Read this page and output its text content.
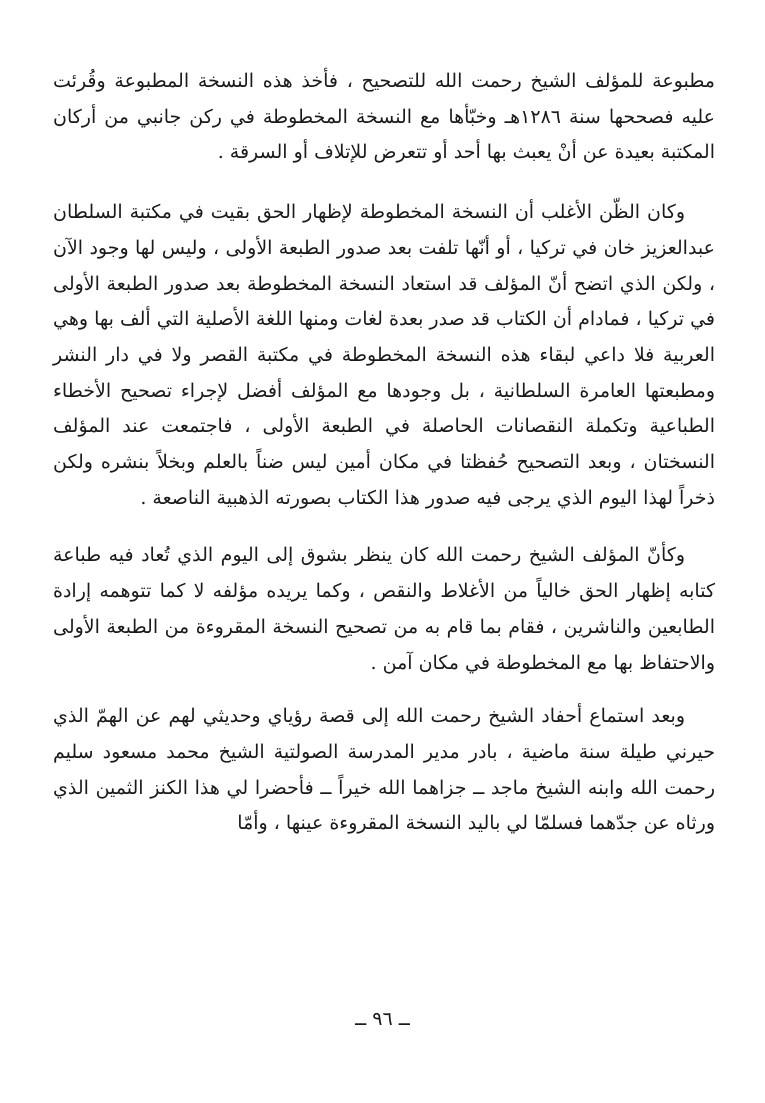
مطبوعة للمؤلف الشيخ رحمت الله للتصحيح ، فأخذ هذه النسخة المطبوعة وقُرئت عليه فصححها سنة ١٢٨٦هـ وخبّأها مع النسخة المخطوطة في ركن جانبي من أركان المكتبة بعيدة عن أنْ يعبث بها أحد أو تتعرض للإتلاف أو السرقة .

وكان الظّن الأغلب أن النسخة المخطوطة لإظهار الحق بقيت في مكتبة السلطان عبدالعزيز خان في تركيا ، أو أنّها تلفت بعد صدور الطبعة الأولى ، وليس لها وجود الآن ، ولكن الذي اتضح أنّ المؤلف قد استعاد النسخة المخطوطة بعد صدور الطبعة الأولى في تركيا ، فمادام أن الكتاب قد صدر بعدة لغات ومنها اللغة الأصلية التي ألف بها وهي العربية فلا داعي لبقاء هذه النسخة المخطوطة في مكتبة القصر ولا في دار النشر ومطبعتها العامرة السلطانية ، بل وجودها مع المؤلف أفضل لإجراء تصحيح الأخطاء الطباعية وتكملة النقصانات الحاصلة في الطبعة الأولى ، فاجتمعت عند المؤلف النسختان ، وبعد التصحيح حُفظتا في مكان أمين ليس ضناً بالعلم وبخلاً بنشره ولكن ذخراً لهذا اليوم الذي يرجى فيه صدور هذا الكتاب بصورته الذهبية الناصعة .

وكأنّ المؤلف الشيخ رحمت الله كان ينظر بشوق إلى اليوم الذي تُعاد فيه طباعة كتابه إظهار الحق خالياً من الأغلاط والنقص ، وكما يريده مؤلفه لا كما تتوهمه إرادة الطابعين والناشرين ، فقام بما قام به من تصحيح النسخة المقروءة من الطبعة الأولى والاحتفاظ بها مع المخطوطة في مكان آمن .

وبعد استماع أحفاد الشيخ رحمت الله إلى قصة رؤياي وحديثي لهم عن الهمّ الذي حيرني طيلة سنة ماضية ، بادر مدير المدرسة الصولتية الشيخ محمد مسعود سليم رحمت الله وابنه الشيخ ماجد ــ جزاهما الله خيراً ــ فأحضرا لي هذا الكنز الثمين الذي ورثاه عن جدّهما فسلمّا لي باليد النسخة المقروءة عينها ، وأمّا

ــ ٩٦ ــ
